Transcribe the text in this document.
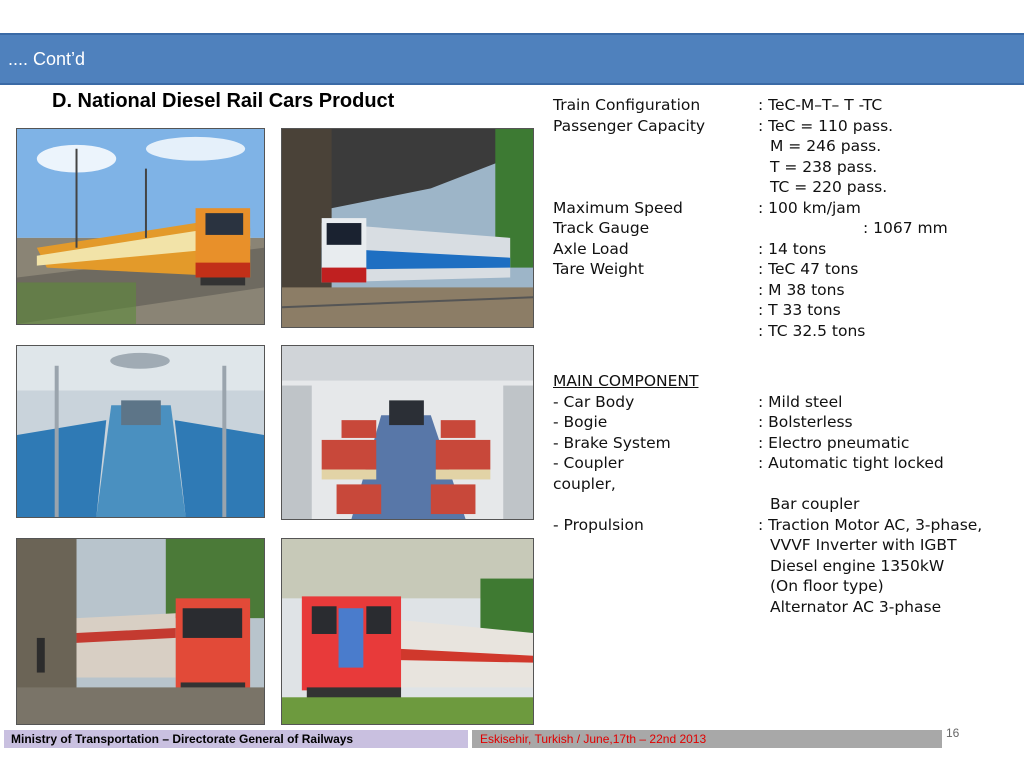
.... Cont’d
D. National Diesel Rail Cars Product	Train Configuration	: TeC-M–T– T -TC
Passenger Capacity	: TeC = 110 pass.
M = 246 pass.
T = 238 pass.
TC = 220 pass.
Maximum Speed	: 100 km/jam
Track Gauge	: 1067 mm
Axle Load	: 14 tons
Tare Weight	: TeC 47 tons
: M 38 tons
: T 33 tons
: TC 32.5 tons
MAIN COMPONENT
- Car Body	: Mild steel
- Bogie	: Bolsterless
- Brake System	: Electro pneumatic
- Coupler	: Automatic tight locked
coupler,
Bar coupler
- Propulsion	: Traction Motor AC, 3-phase,
VVVF Inverter with IGBT
Diesel engine 1350kW
(On floor type)
Alternator AC 3-phase
Ministry of Transportation – Directorate General of Railways	Eskisehir, Turkish / June,17th – 22nd 2013	16
